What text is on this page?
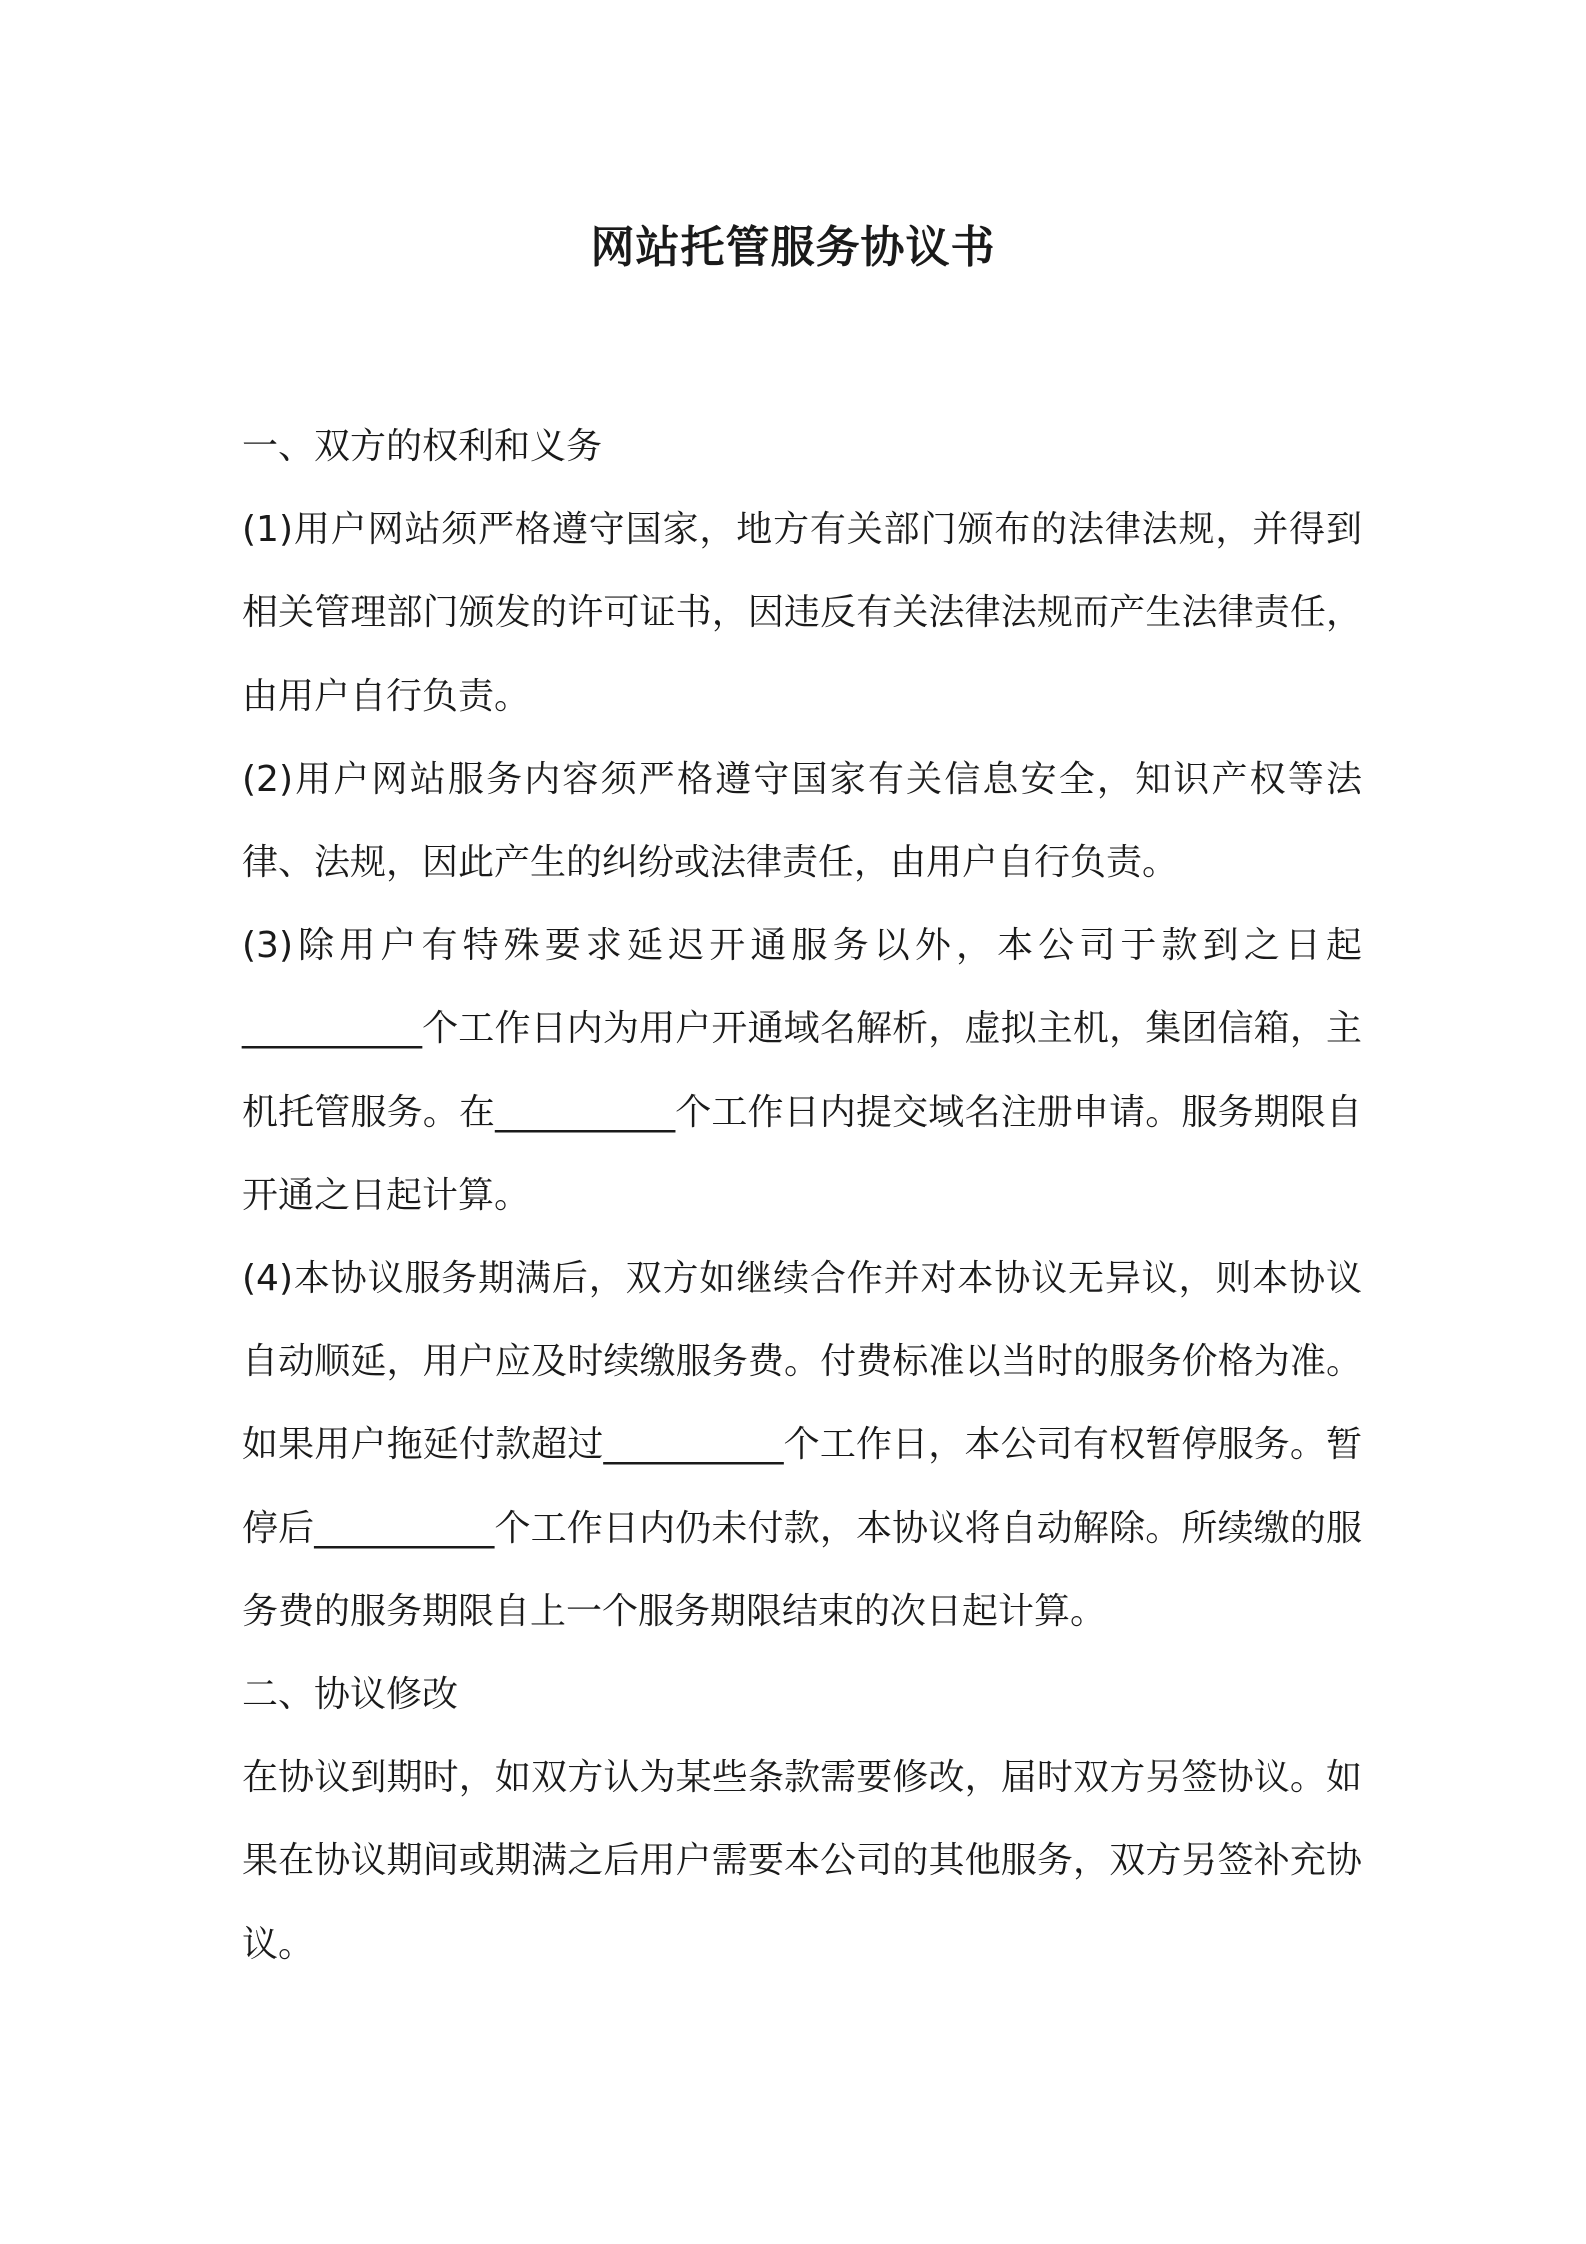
网站托管服务协议书

一、双方的权利和义务

(1)用户网站须严格遵守国家，地方有关部门颁布的法律法规，并得到相关管理部门颁发的许可证书，因违反有关法律法规而产生法律责任，由用户自行负责。

(2)用户网站服务内容须严格遵守国家有关信息安全，知识产权等法律、法规，因此产生的纠纷或法律责任，由用户自行负责。

(3)除用户有特殊要求延迟开通服务以外，本公司于款到之日起__________个工作日内为用户开通域名解析，虚拟主机，集团信箱，主机托管服务。在__________个工作日内提交域名注册申请。服务期限自开通之日起计算。

(4)本协议服务期满后，双方如继续合作并对本协议无异议，则本协议自动顺延，用户应及时续缴服务费。付费标准以当时的服务价格为准。如果用户拖延付款超过__________个工作日，本公司有权暂停服务。暂停后__________个工作日内仍未付款，本协议将自动解除。所续缴的服务费的服务期限自上一个服务期限结束的次日起计算。

二、协议修改

在协议到期时，如双方认为某些条款需要修改，届时双方另签协议。如果在协议期间或期满之后用户需要本公司的其他服务，双方另签补充协议。
